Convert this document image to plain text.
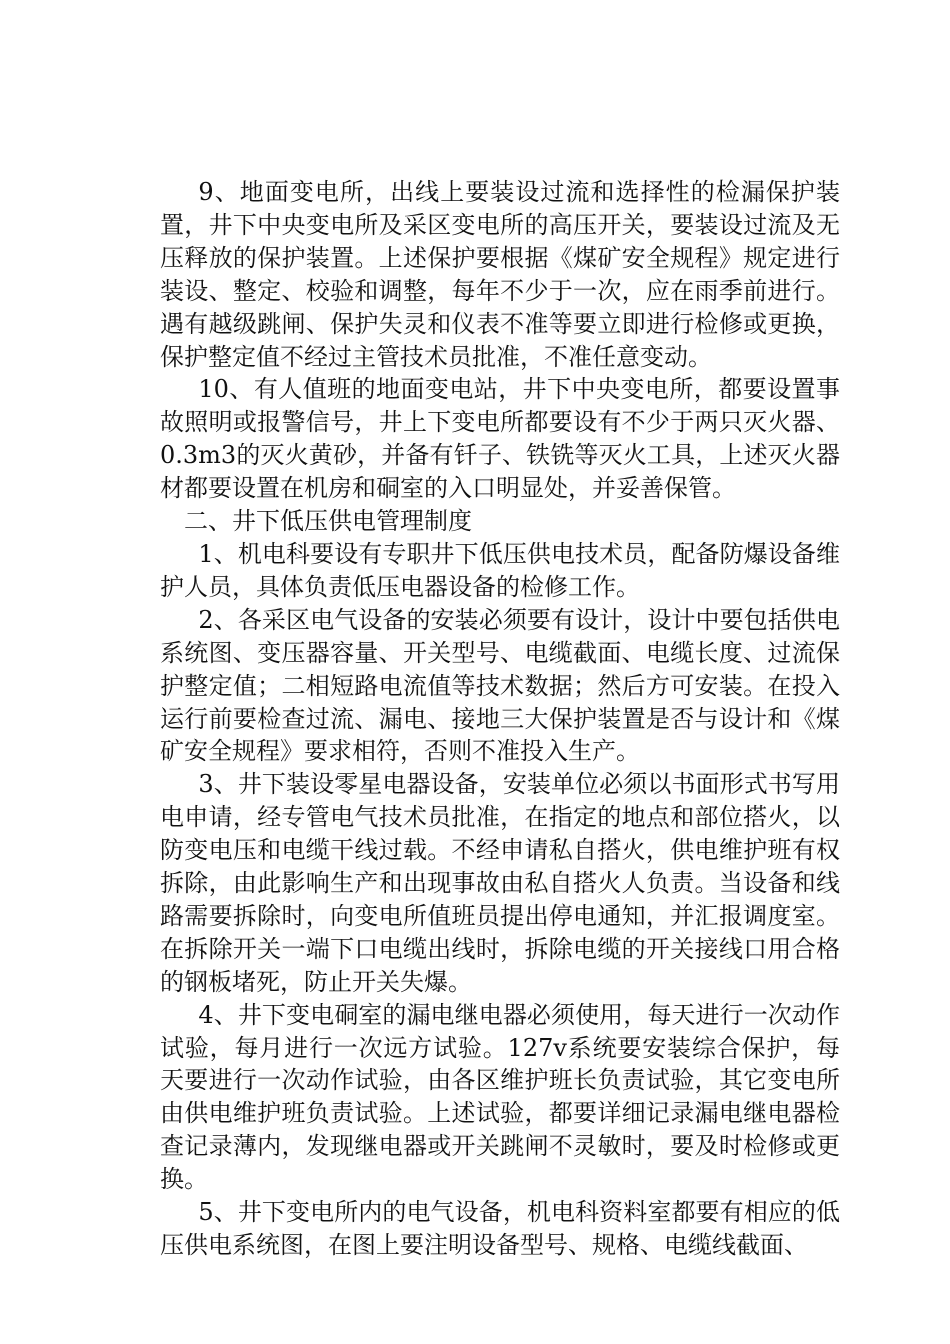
9、地面变电所，出线上要装设过流和选择性的检漏保护装置，井下中央变电所及采区变电所的高压开关，要装设过流及无压释放的保护装置。上述保护要根据《煤矿安全规程》规定进行装设、整定、校验和调整，每年不少于一次，应在雨季前进行。遇有越级跳闸、保护失灵和仪表不准等要立即进行检修或更换，保护整定值不经过主管技术员批准，不准任意变动。

10、有人值班的地面变电站，井下中央变电所，都要设置事故照明或报警信号，井上下变电所都要设有不少于两只灭火器、0.3m3的灭火黄砂，并备有钎子、铁铣等灭火工具，上述灭火器材都要设置在机房和硐室的入口明显处，并妥善保管。

二、井下低压供电管理制度

1、机电科要设有专职井下低压供电技术员，配备防爆设备维护人员，具体负责低压电器设备的检修工作。

2、各采区电气设备的安装必须要有设计，设计中要包括供电系统图、变压器容量、开关型号、电缆截面、电缆长度、过流保护整定值；二相短路电流值等技术数据；然后方可安装。在投入运行前要检查过流、漏电、接地三大保护装置是否与设计和《煤矿安全规程》要求相符，否则不准投入生产。

3、井下装设零星电器设备，安装单位必须以书面形式书写用电申请，经专管电气技术员批准，在指定的地点和部位搭火，以防变电压和电缆干线过载。不经申请私自搭火，供电维护班有权拆除，由此影响生产和出现事故由私自搭火人负责。当设备和线路需要拆除时，向变电所值班员提出停电通知，并汇报调度室。在拆除开关一端下口电缆出线时，拆除电缆的开关接线口用合格的钢板堵死，防止开关失爆。

4、井下变电硐室的漏电继电器必须使用，每天进行一次动作试验，每月进行一次远方试验。127v系统要安装综合保护，每天要进行一次动作试验，由各区维护班长负责试验，其它变电所由供电维护班负责试验。上述试验，都要详细记录漏电继电器检查记录薄内，发现继电器或开关跳闸不灵敏时，要及时检修或更换。

5、井下变电所内的电气设备，机电科资料室都要有相应的低压供电系统图，在图上要注明设备型号、规格、电缆线截面、
